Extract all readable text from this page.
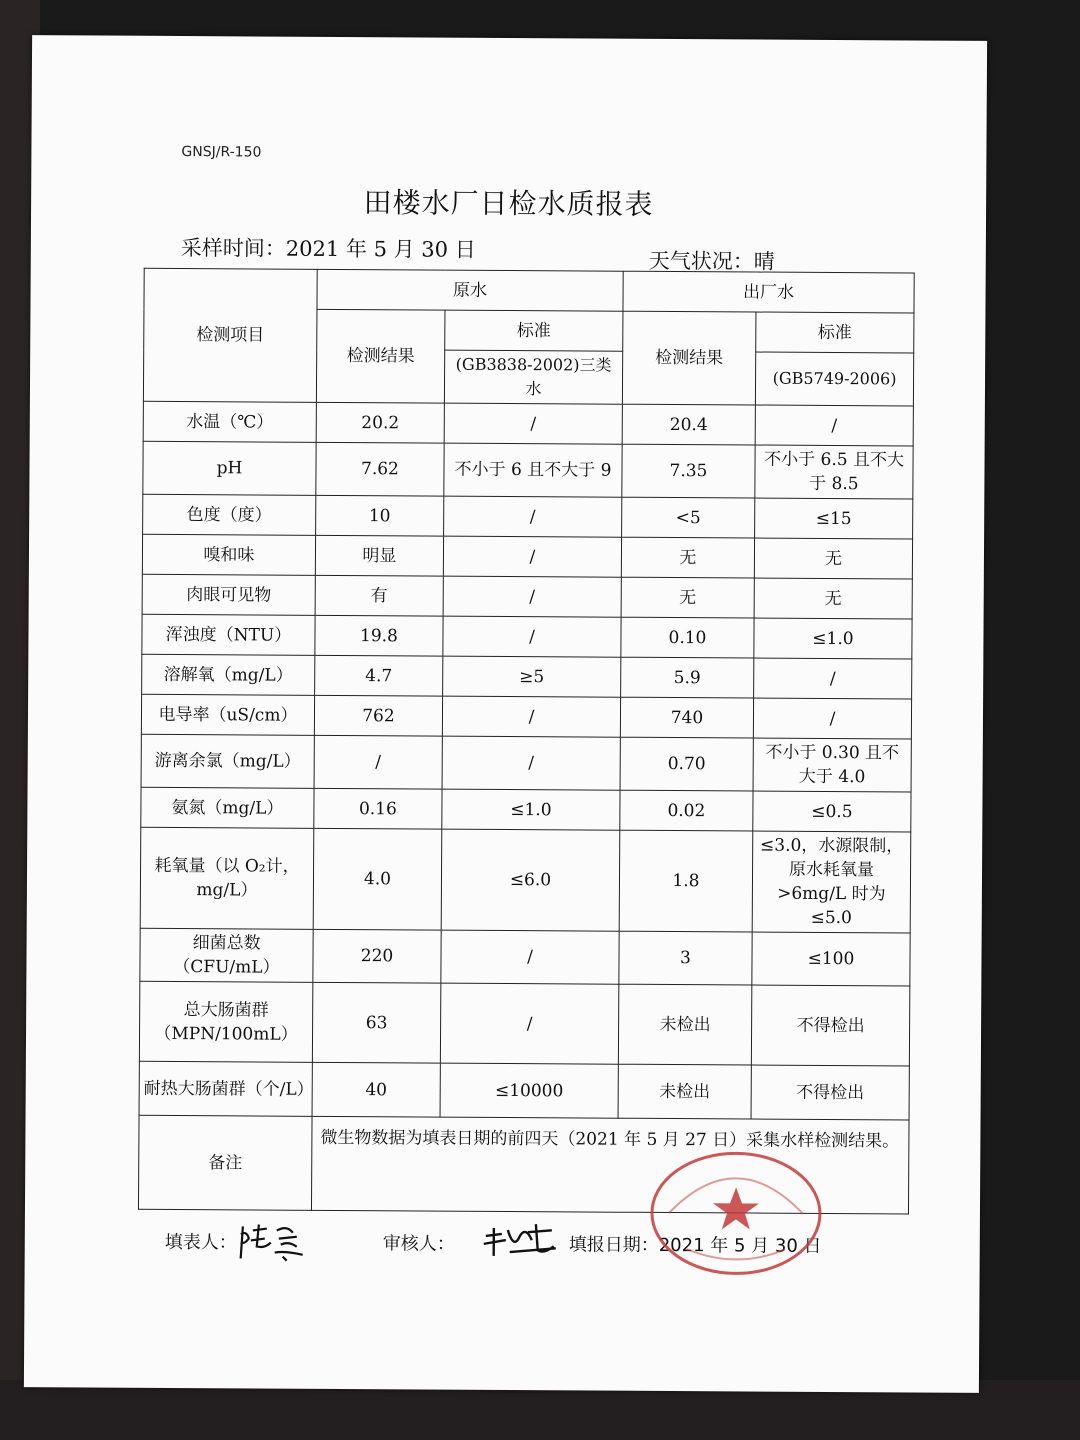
GNSJ/R-150
田楼水厂日检水质报表
采样时间：2021 年 5 月 30 日	天气状况：晴
检测项目	原水		出厂水	
	检测结果	标准	检测结果	标准
		(GB3838-2002)三类水		(GB5749-2006)
水温（℃）	20.2	/	20.4	/
pH	7.62	不小于 6 且不大于 9	7.35	不小于 6.5 且不大于 8.5
色度（度）	10	/	<5	≤15
嗅和味	明显	/	无	无
肉眼可见物	有	/	无	无
浑浊度（NTU）	19.8	/	0.10	≤1.0
溶解氧（mg/L）	4.7	≥5	5.9	/
电导率（uS/cm）	762	/	740	/
游离余氯（mg/L）	/	/	0.70	不小于 0.30 且不大于 4.0
氨氮（mg/L）	0.16	≤1.0	0.02	≤0.5
耗氧量（以 O₂计，mg/L）	4.0	≤6.0	1.8	≤3.0，水源限制，原水耗氧量>6mg/L 时为≤5.0
细菌总数（CFU/mL）	220	/	3	≤100
总大肠菌群（MPN/100mL）	63	/	未检出	不得检出
耐热大肠菌群（个/L）	40	≤10000	未检出	不得检出
备注	微生物数据为填表日期的前四天（2021 年 5 月 27 日）采集水样检测结果。			
填表人：	审核人：	填报日期： 2021 年 5 月 30 日
